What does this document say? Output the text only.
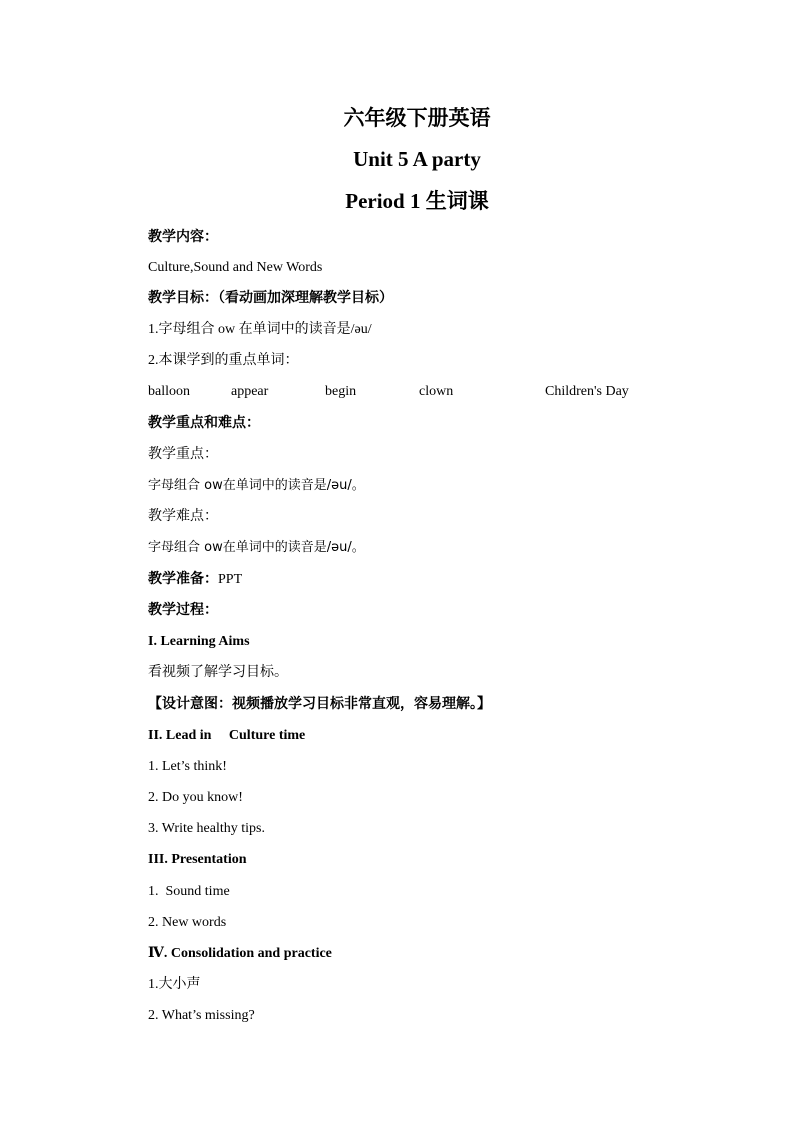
六年级下册英语
Unit 5 A party
Period 1 生词课
教学内容：
Culture,Sound and New Words
教学目标：（看动画加深理解教学目标）
1.字母组合 ow 在单词中的读音是/əu/
2.本课学到的重点单词：
balloon	appear	begin	clown	Children's Day
教学重点和难点：
教学重点：
字母组合 ow在单词中的读音是/əu/。
教学难点：
字母组合 ow在单词中的读音是/əu/。
教学准备：PPT
教学过程：
I. Learning Aims
看视频了解学习目标。
【设计意图：视频播放学习目标非常直观，容易理解。】
II. Lead in     Culture time
1. Let’s think!
2. Do you know!
3. Write healthy tips.
III. Presentation
1.  Sound time
2. New words
Ⅳ. Consolidation and practice
1.大小声
2. What’s missing?
